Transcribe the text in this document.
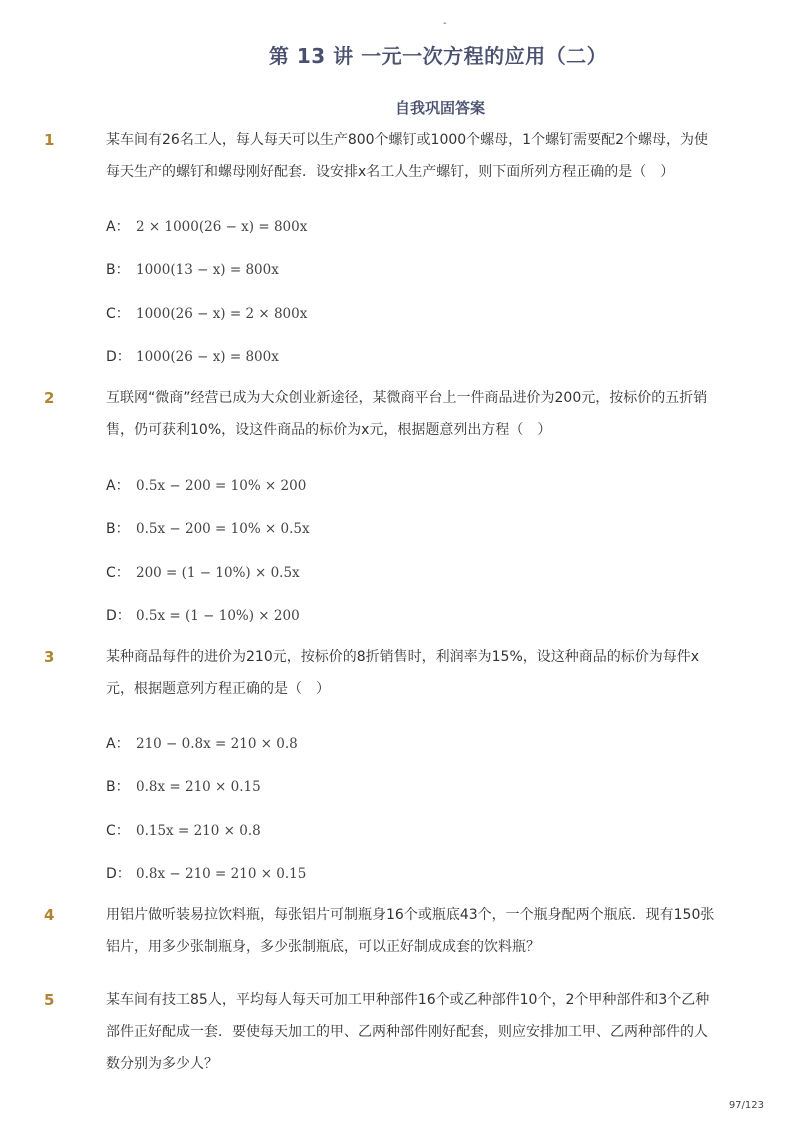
-
第 13 讲 一元一次方程的应用（二）
自我巩固答案
1	某车间有26名工人，每人每天可以生产800个螺钉或1000个螺母，1个螺钉需要配2个螺母，为使每天生产的螺钉和螺母刚好配套．设安排x名工人生产螺钉，则下面所列方程正确的是（　）
A： 2 × 1000(26 − x) = 800x
B： 1000(13 − x) = 800x
C： 1000(26 − x) = 2 × 800x
D： 1000(26 − x) = 800x
2	互联网“微商”经营已成为大众创业新途径，某微商平台上一件商品进价为200元，按标价的五折销售，仍可获利10%，设这件商品的标价为x元，根据题意列出方程（　）
A： 0.5x − 200 = 10% × 200
B： 0.5x − 200 = 10% × 0.5x
C： 200 = (1 − 10%) × 0.5x
D： 0.5x = (1 − 10%) × 200
3	某种商品每件的进价为210元，按标价的8折销售时，利润率为15%，设这种商品的标价为每件x元，根据题意列方程正确的是（　）
A： 210 − 0.8x = 210 × 0.8
B： 0.8x = 210 × 0.15
C： 0.15x = 210 × 0.8
D： 0.8x − 210 = 210 × 0.15
4	用铝片做听装易拉饮料瓶，每张铝片可制瓶身16个或瓶底43个，一个瓶身配两个瓶底．现有150张铝片，用多少张制瓶身，多少张制瓶底，可以正好制成成套的饮料瓶？
5	某车间有技工85人，平均每人每天可加工甲种部件16个或乙种部件10个，2个甲种部件和3个乙种部件正好配成一套．要使每天加工的甲、乙两种部件刚好配套，则应安排加工甲、乙两种部件的人数分别为多少人？
97/123
